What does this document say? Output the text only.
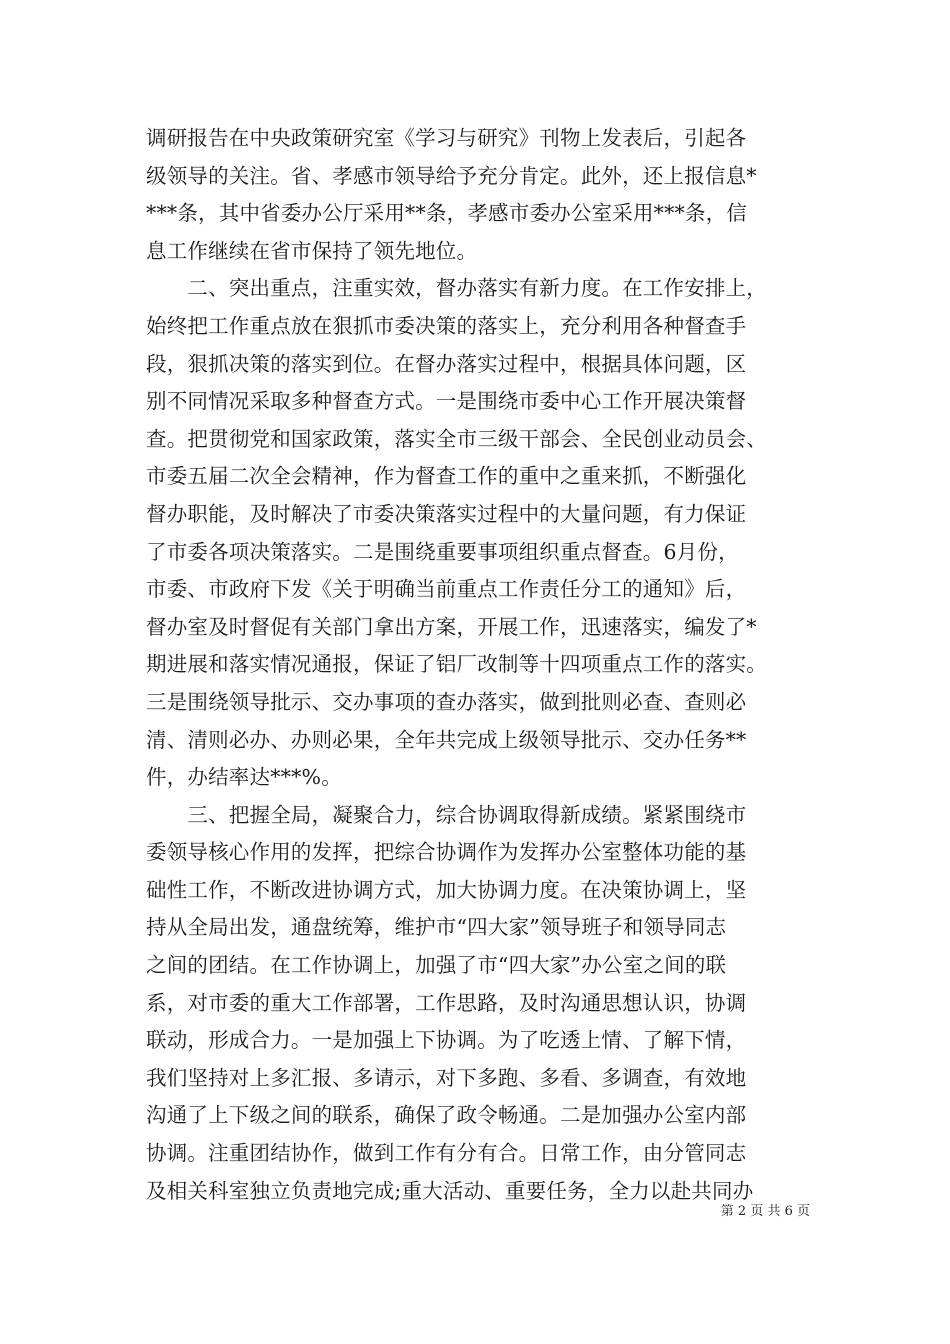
调研报告在中央政策研究室《学习与研究》刊物上发表后，引起各
级领导的关注。省、孝感市领导给予充分肯定。此外，还上报信息*
***条，其中省委办公厅采用**条，孝感市委办公室采用***条，信
息工作继续在省市保持了领先地位。
　　二、突出重点，注重实效，督办落实有新力度。在工作安排上，
始终把工作重点放在狠抓市委决策的落实上，充分利用各种督查手
段，狠抓决策的落实到位。在督办落实过程中，根据具体问题，区
别不同情况采取多种督查方式。一是围绕市委中心工作开展决策督
查。把贯彻党和国家政策，落实全市三级干部会、全民创业动员会、
市委五届二次全会精神，作为督查工作的重中之重来抓，不断强化
督办职能，及时解决了市委决策落实过程中的大量问题，有力保证
了市委各项决策落实。二是围绕重要事项组织重点督查。6月份，
市委、市政府下发《关于明确当前重点工作责任分工的通知》后，
督办室及时督促有关部门拿出方案，开展工作，迅速落实，编发了*
期进展和落实情况通报，保证了铝厂改制等十四项重点工作的落实。
三是围绕领导批示、交办事项的查办落实，做到批则必查、查则必
清、清则必办、办则必果，全年共完成上级领导批示、交办任务**
件，办结率达***%。
　　三、把握全局，凝聚合力，综合协调取得新成绩。紧紧围绕市
委领导核心作用的发挥，把综合协调作为发挥办公室整体功能的基
础性工作，不断改进协调方式，加大协调力度。在决策协调上，坚
持从全局出发，通盘统筹，维护市“四大家”领导班子和领导同志
之间的团结。在工作协调上，加强了市“四大家”办公室之间的联
系，对市委的重大工作部署，工作思路，及时沟通思想认识，协调
联动，形成合力。一是加强上下协调。为了吃透上情、了解下情，
我们坚持对上多汇报、多请示，对下多跑、多看、多调查，有效地
沟通了上下级之间的联系，确保了政令畅通。二是加强办公室内部
协调。注重团结协作，做到工作有分有合。日常工作，由分管同志
及相关科室独立负责地完成;重大活动、重要任务，全力以赴共同办
第 2 页 共 6 页
